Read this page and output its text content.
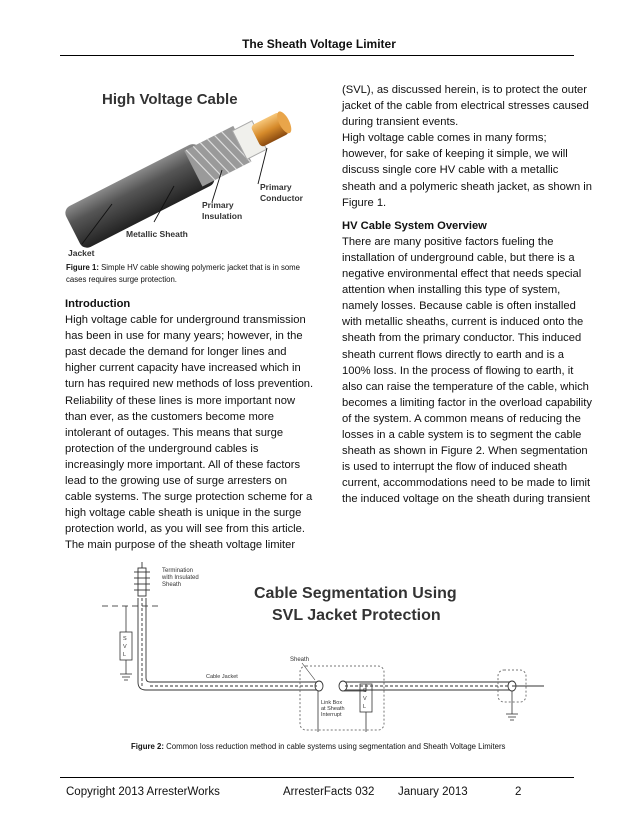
The Sheath Voltage Limiter
High Voltage Cable
Jacket
Metallic Sheath
Primary
Insulation
Primary
Conductor
Figure 1: Simple HV cable showing polymeric jacket that is in some cases requires surge protection.

Introduction

High voltage cable for underground transmission has been in use for many years; however, in the past decade the demand for longer lines and higher current capacity have increased which in turn has required new methods of loss prevention. Reliability of these lines is more important now than ever, as the customers become more intolerant of outages. This means that surge protection of the underground cables is increasingly more important. All of these factors lead to the growing use of surge arresters on cable systems. The surge protection scheme for a high voltage cable sheath is unique in the surge protection world, as you will see from this article. The main purpose of the sheath voltage limiter

(SVL), as discussed herein, is to protect the outer jacket of the cable from electrical stresses caused during transient events.

High voltage cable comes in many forms; however, for sake of keeping it simple, we will discuss single core HV cable with a metallic sheath and a polymeric sheath jacket, as shown in Figure 1.

HV Cable System Overview

There are many positive factors fueling the installation of underground cable, but there is a negative environmental effect that needs special attention when installing this type of system, namely losses. Because cable is often installed with metallic sheaths, current is induced onto the sheath from the primary conductor. This induced sheath current flows directly to earth and is a 100% loss. In the process of flowing to earth, it also can raise the temperature of the cable, which becomes a limiting factor in the overload capability of the system. A common means of reducing the losses in a cable system is to segment the cable sheath as shown in Figure 2. When segmentation is used to interrupt the flow of induced sheath current, accommodations need to be made to limit the induced voltage on the sheath during transient

Cable Segmentation Using
SVL Jacket Protection
Termination
with Insulated
Sheath
Cable Jacket
Sheath
Link Box
at Sheath
Interrupt
S
V
L
S
V
L
Figure 2: Common loss reduction method in cable systems using segmentation and Sheath Voltage Limiters
Copyright 2013 ArresterWorks	ArresterFacts 032 January 2013	2
